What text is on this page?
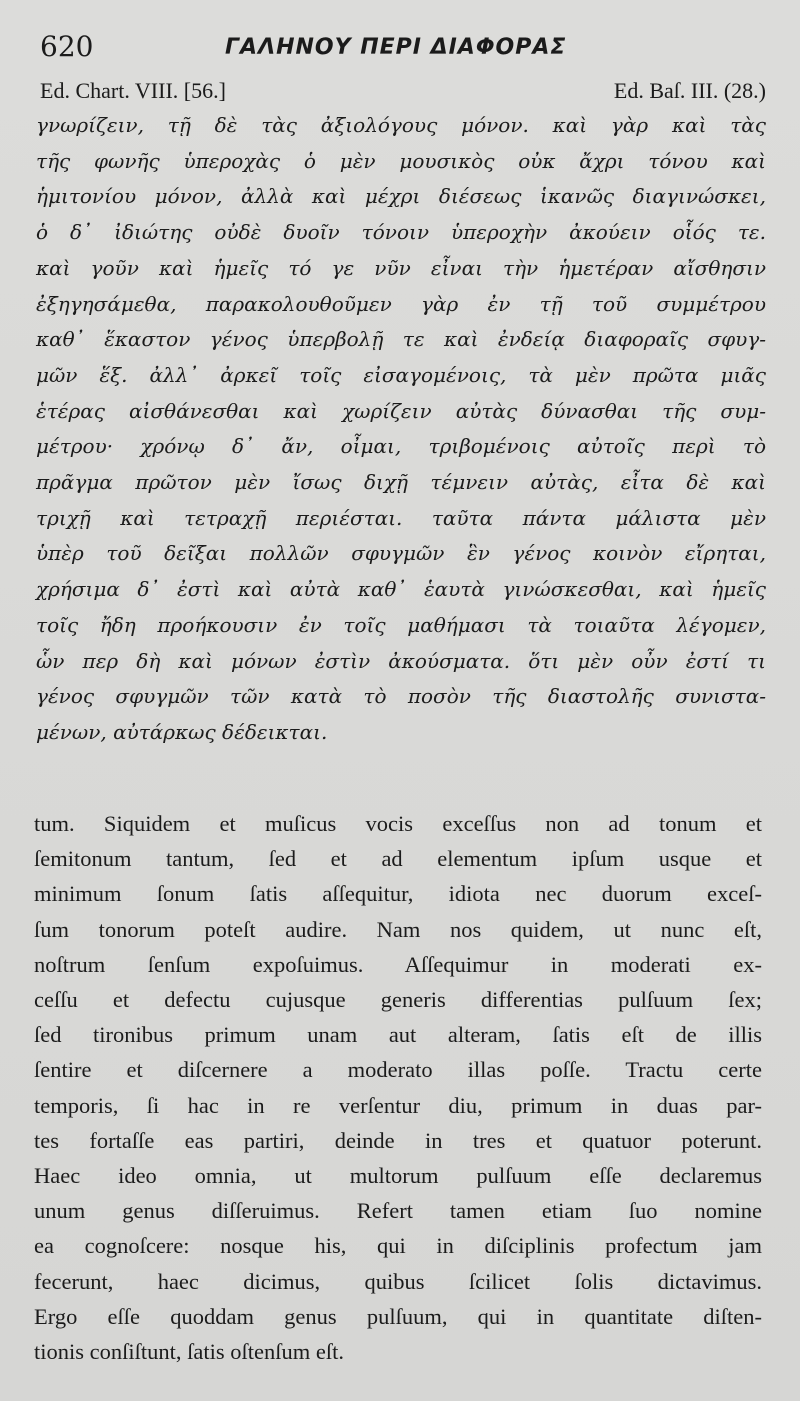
620	ΓΑΛΗΝΟΥ ΠΕΡΙ ΔΙΑΦΟΡΑΣ
Ed. Chart. VIII. [56.]	Ed. Baſ. III. (28.)
γνωρίζειν, τῇ δὲ τὰς ἀξιολόγους μόνον. καὶ γὰρ καὶ τὰς
τῆς φωνῆς ὑπεροχὰς ὁ μὲν μουσικὸς οὐκ ἄχρι τόνου καὶ
ἡμιτονίου μόνον, ἀλλὰ καὶ μέχρι διέσεως ἱκανῶς διαγινώσκει,
ὁ δ᾽ ἰδιώτης οὐδὲ δυοῖν τόνοιν ὑπεροχὴν ἀκούειν οἷός τε.
καὶ γοῦν καὶ ἡμεῖς τό γε νῦν εἶναι τὴν ἡμετέραν αἴσθησιν
ἐξηγησάμεθα, παρακολουθοῦμεν γὰρ ἐν τῇ τοῦ συμμέτρου
καθ᾽ ἕκαστον γένος ὑπερβολῇ τε καὶ ἐνδείᾳ διαφοραῖς σφυγ-
μῶν ἕξ. ἀλλ᾽ ἀρκεῖ τοῖς εἰσαγομένοις, τὰ μὲν πρῶτα μιᾶς
ἑτέρας αἰσθάνεσθαι καὶ χωρίζειν αὐτὰς δύνασθαι τῆς συμ-
μέτρου· χρόνῳ δ᾽ ἄν, οἶμαι, τριβομένοις αὐτοῖς περὶ τὸ
πρᾶγμα πρῶτον μὲν ἴσως διχῇ τέμνειν αὐτὰς, εἶτα δὲ καὶ
τριχῇ καὶ τετραχῇ περιέσται. ταῦτα πάντα μάλιστα μὲν
ὑπὲρ τοῦ δεῖξαι πολλῶν σφυγμῶν ἓν γένος κοινὸν εἴρηται,
χρήσιμα δ᾽ ἐστὶ καὶ αὐτὰ καθ᾽ ἑαυτὰ γινώσκεσθαι, καὶ ἡμεῖς
τοῖς ἤδη προήκουσιν ἐν τοῖς μαθήμασι τὰ τοιαῦτα λέγομεν,
ὧν περ δὴ καὶ μόνων ἐστὶν ἀκούσματα. ὅτι μὲν οὖν ἐστί τι
γένος σφυγμῶν τῶν κατὰ τὸ ποσὸν τῆς διαστολῆς συνιστα-
μένων, αὐτάρκως δέδεικται.
tum. Siquidem et muſicus vocis exceſſus non ad tonum et
ſemitonum tantum, ſed et ad elementum ipſum usque et
minimum ſonum ſatis aſſequitur, idiota nec duorum exceſ-
ſum tonorum poteſt audire. Nam nos quidem, ut nunc eſt,
noſtrum ſenſum expoſuimus. Aſſequimur in moderati ex-
ceſſu et defectu cujusque generis differentias pulſuum ſex;
ſed tironibus primum unam aut alteram, ſatis eſt de illis
ſentire et diſcernere a moderato illas poſſe. Tractu certe
temporis, ſi hac in re verſentur diu, primum in duas par-
tes fortaſſe eas partiri, deinde in tres et quatuor poterunt.
Haec ideo omnia, ut multorum pulſuum eſſe declaremus
unum genus diſſeruimus. Refert tamen etiam ſuo nomine
ea cognoſcere: nosque his, qui in diſciplinis profectum jam
fecerunt, haec dicimus, quibus ſcilicet ſolis dictavimus.
Ergo eſſe quoddam genus pulſuum, qui in quantitate diſten-
tionis conſiſtunt, ſatis oſtenſum eſt.
